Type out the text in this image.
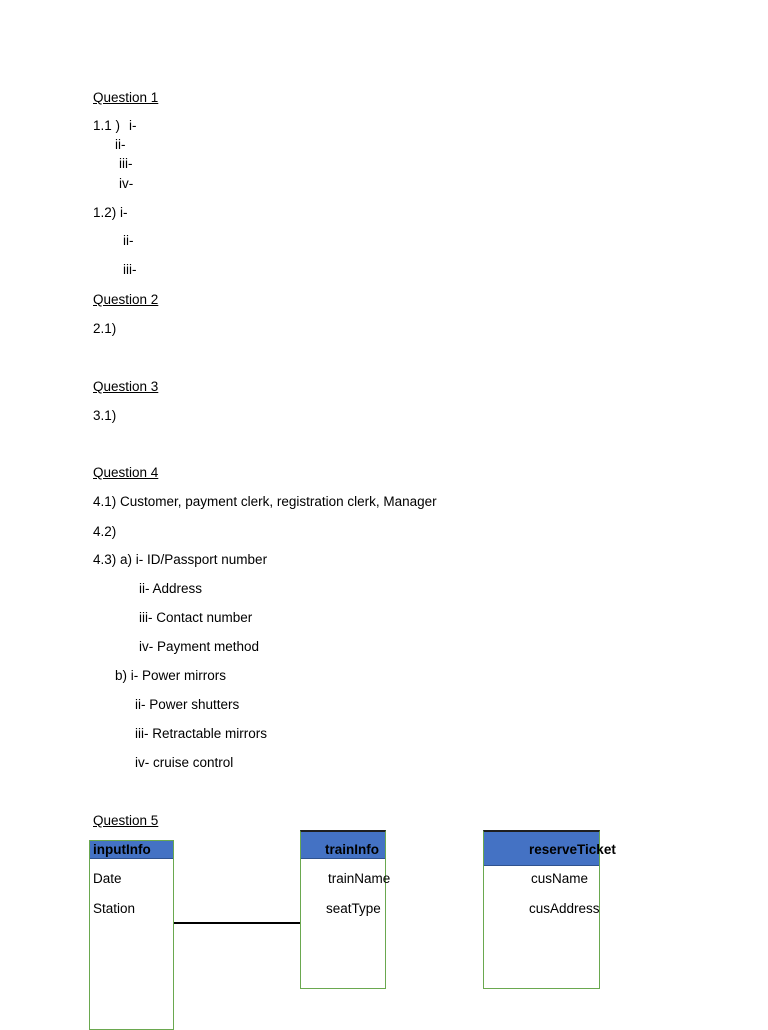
Question 1
1.1 ) i-
ii-
iii-
iv-
1.2) i-
ii-
iii-
Question 2
2.1)
Question 3
3.1)
Question 4
4.1) Customer, payment clerk, registration clerk, Manager
4.2)
4.3) a) i- ID/Passport number
ii- Address
iii- Contact number
iv- Payment method
b) i- Power mirrors
ii- Power shutters
iii- Retractable mirrors
iv- cruise control
Question 5
inputInfo
Date
Station
trainInfo
trainName
seatType
reserveTicket
cusName
cusAddress
